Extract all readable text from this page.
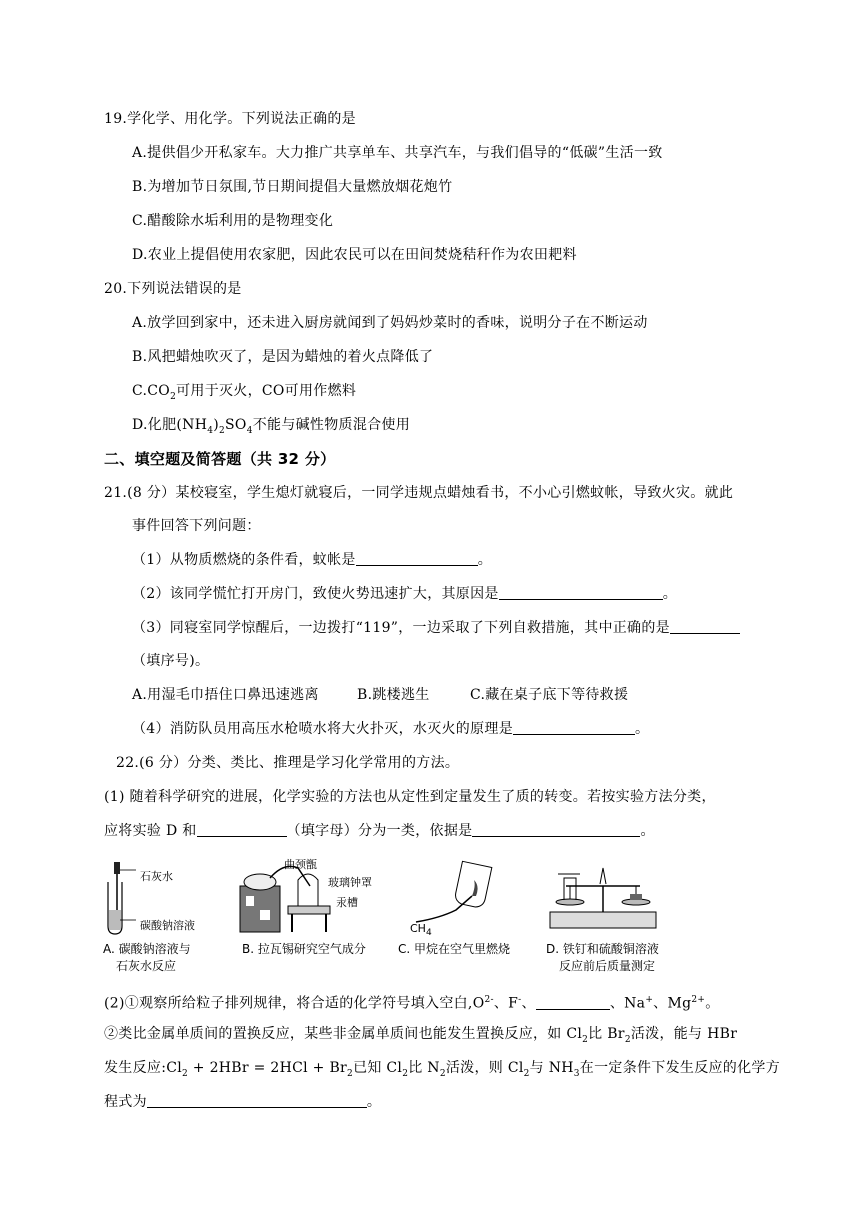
19.学化学、用化学。下列说法正确的是
A.提供倡少开私家车。大力推广共享单车、共享汽车，与我们倡导的“低碳”生活一致
B.为增加节日氛围,节日期间提倡大量燃放烟花炮竹
C.醋酸除水垢利用的是物理变化
D.农业上提倡使用农家肥，因此农民可以在田间焚烧秸秆作为农田耙料
20.下列说法错误的是
A.放学回到家中，还未进入厨房就闻到了妈妈炒菜时的香味，说明分子在不断运动
B.风把蜡烛吹灭了，是因为蜡烛的着火点降低了
$C.CO_2$可用于灭火，CO可用作燃料
D.化肥$(NH_4)_2SO_4$不能与碱性物质混合使用
二、填空题及简答题（共 32 分）
21.(8 分）某校寝室，学生熄灯就寝后，一同学违规点蜡烛看书，不小心引燃蚊帐，导致火灾。就此
事件回答下列问题：
（1）从物质燃烧的条件看，蚊帐是	。
（2）该同学慌忙打开房门，致使火势迅速扩大，其原因是	。
（3）同寝室同学惊醒后，一边拨打“119”，一边采取了下列自救措施，其中正确的是
（填序号)。
A.用湿毛巾捂住口鼻迅速逃离	B.跳楼逃生	C.藏在桌子底下等待救援
（4）消防队员用高压水枪喷水将大火扑灭，水灭火的原理是	。
22.(6 分）分类、类比、推理是学习化学常用的方法。
(1) 随着科学研究的进展，化学实验的方法也从定性到定量发生了质的转变。若按实验方法分类，
应将实验 D 和	（填字母）分为一类，依据是	。
石灰水
碳酸钠溶液
A. 碳酸钠溶液与
石灰水反应
曲颈甑
玻璃钟罩
汞槽
B. 拉瓦锡研究空气成分
$CH_4$
C. 甲烷在空气里燃烧	D. 铁钉和硫酸铜溶液
反应前后质量测定
(2)①观察所给粒子排列规律，将合适的化学符号填入空白$,O^{2-}$、F-、	、Na+、$Mg^{2+}$。
②类比金属单质间的置换反应，某些非金属单质间也能发生置换反应，如 $Cl_2$比 $Br_2$活泼，能与 HBr
发生反应$:Cl_2 + 2HBr = 2HCl + Br_2$已知 $Cl_2$比 $N_2$活泼，则 $Cl_2$与 $NH_3$在一定条件下发生反应的化学方
程式为	。
